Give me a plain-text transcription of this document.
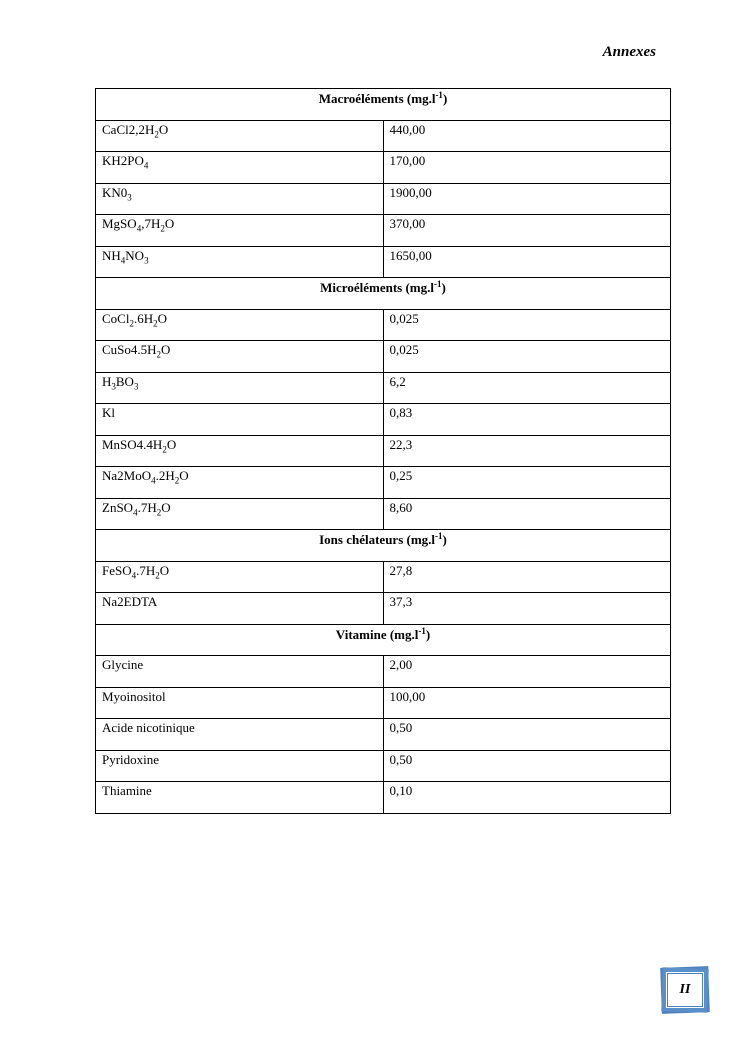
Annexes
Macroéléments $(mg.l^{-1})$	
$CaCl2,2H_2O$	440,00
$KH2PO_4$	170,00
$KN0_3$	1900,00
$MgSO_4,7H_2O$	370,00
$NH_4NO_3$	1650,00
Microéléments $(mg.l^{-1})$	
$CoCl_2.6H_2O$	0,025
$CuSo4.5H_2O$	0,025
$H_3BO_3$	6,2
Kl	0,83
$MnSO4.4H_2O$	22,3
$Na2MoO_4.2H_2O$	0,25
$ZnSO_4.7H_2O$	8,60
Ions chélateurs $(mg.l^{-1})$	
$FeSO_4.7H_2O$	27,8
Na2EDTA	37,3
Vitamine $(mg.l^{-1})$	
Glycine	2,00
Myoinositol	100,00
Acide nicotinique	0,50
Pyridoxine	0,50
Thiamine	0,10
II
